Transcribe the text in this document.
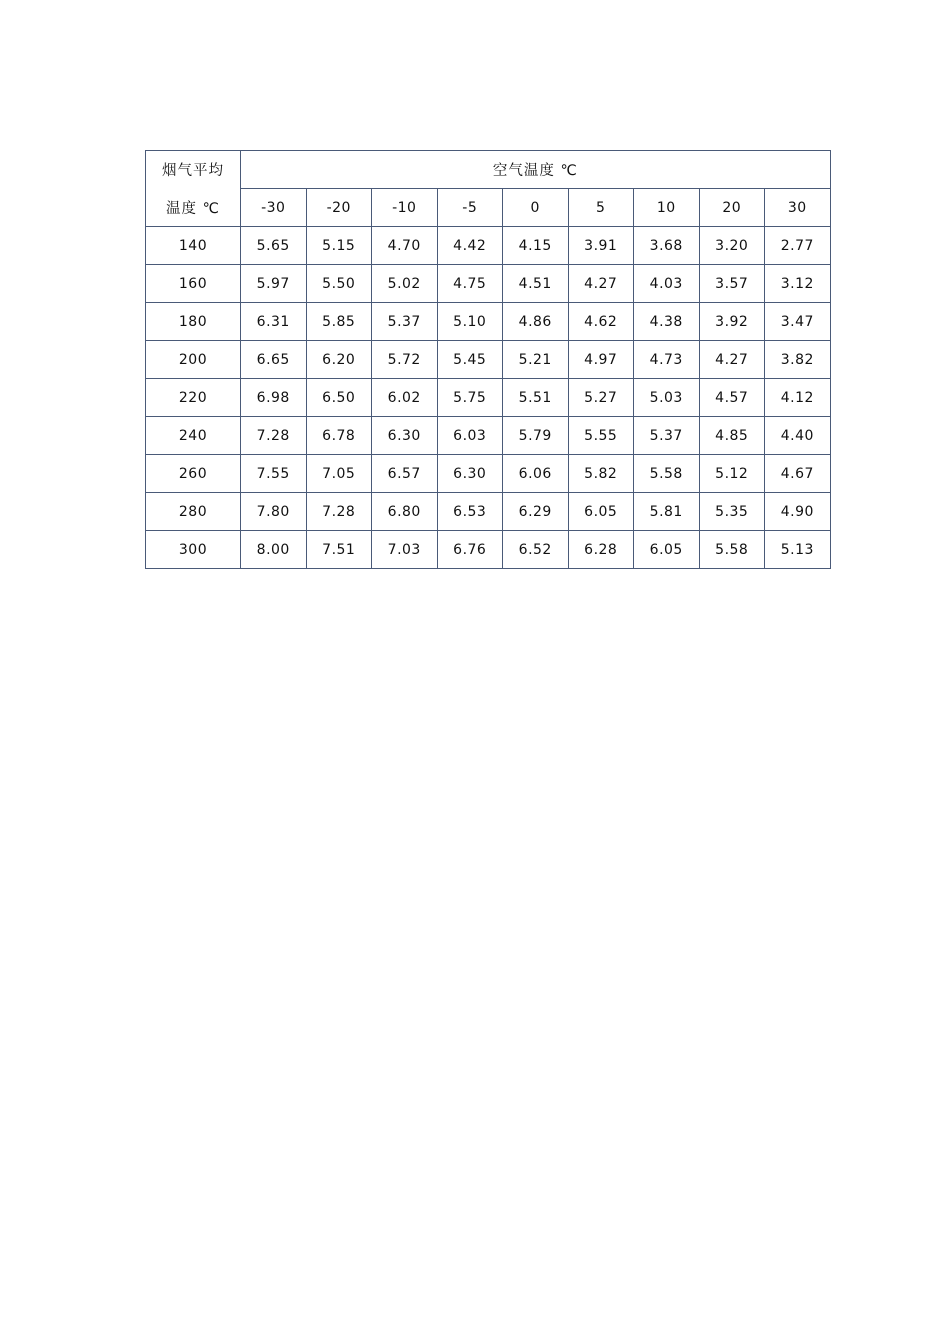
烟气平均	空气温度 ℃								
温度 ℃	-30	-20	-10	-5	0	5	10	20	30
140	5.65	5.15	4.70	4.42	4.15	3.91	3.68	3.20	2.77
160	5.97	5.50	5.02	4.75	4.51	4.27	4.03	3.57	3.12
180	6.31	5.85	5.37	5.10	4.86	4.62	4.38	3.92	3.47
200	6.65	6.20	5.72	5.45	5.21	4.97	4.73	4.27	3.82
220	6.98	6.50	6.02	5.75	5.51	5.27	5.03	4.57	4.12
240	7.28	6.78	6.30	6.03	5.79	5.55	5.37	4.85	4.40
260	7.55	7.05	6.57	6.30	6.06	5.82	5.58	5.12	4.67
280	7.80	7.28	6.80	6.53	6.29	6.05	5.81	5.35	4.90
300	8.00	7.51	7.03	6.76	6.52	6.28	6.05	5.58	5.13
